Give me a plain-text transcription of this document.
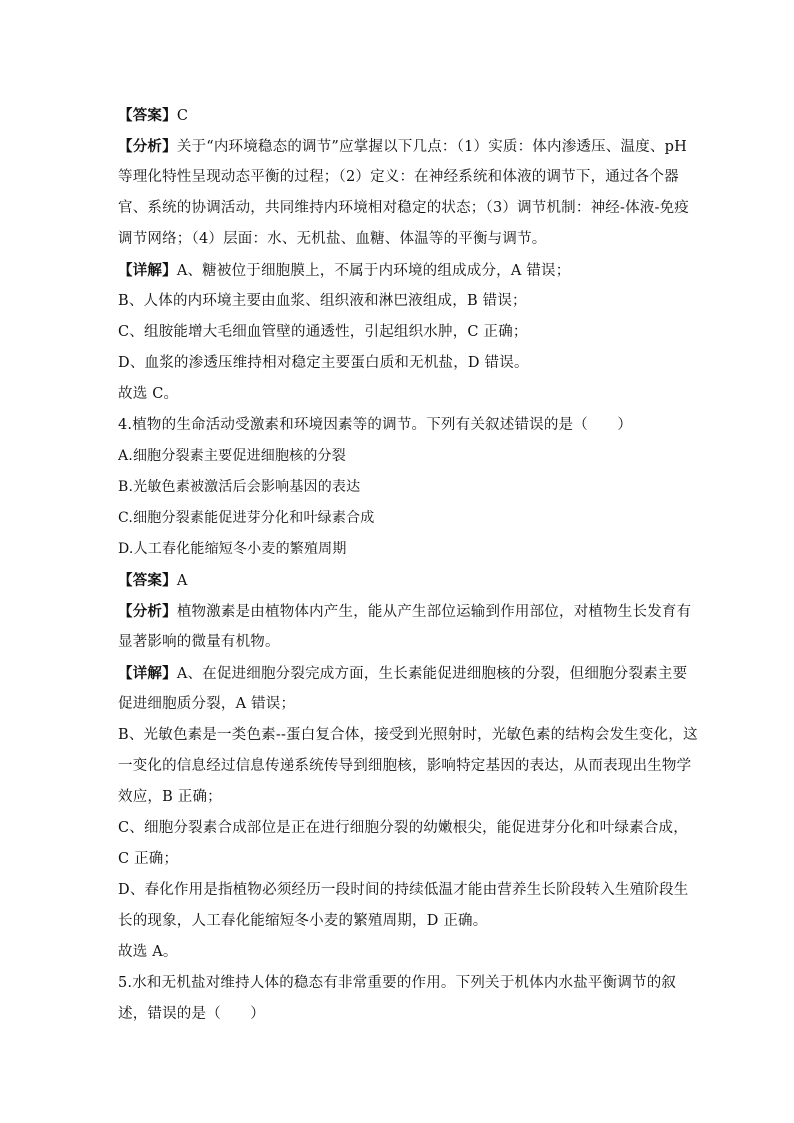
【答案】C
【分析】关于“内环境稳态的调节”应掌握以下几点：（1）实质：体内渗透压、温度、pH
等理化特性呈现动态平衡的过程；（2）定义：在神经系统和体液的调节下，通过各个器
官、系统的协调活动，共同维持内环境相对稳定的状态；（3）调节机制：神经-体液-免疫
调节网络；（4）层面：水、无机盐、血糖、体温等的平衡与调节。
【详解】A、糖被位于细胞膜上，不属于内环境的组成成分，A 错误；
B、人体的内环境主要由血浆、组织液和淋巴液组成，B 错误；
C、组胺能增大毛细血管壁的通透性，引起组织水肿，C 正确；
D、血浆的渗透压维持相对稳定主要蛋白质和无机盐，D 错误。
故选 C。
4.植物的生命活动受激素和环境因素等的调节。下列有关叙述错误的是（　　）
A.细胞分裂素主要促进细胞核的分裂
B.光敏色素被激活后会影响基因的表达
C.细胞分裂素能促进芽分化和叶绿素合成
D.人工春化能缩短冬小麦的繁殖周期
【答案】A
【分析】植物激素是由植物体内产生，能从产生部位运输到作用部位，对植物生长发育有
显著影响的微量有机物。
【详解】A、在促进细胞分裂完成方面，生长素能促进细胞核的分裂，但细胞分裂素主要
促进细胞质分裂，A 错误；
B、光敏色素是一类色素--蛋白复合体，接受到光照射时，光敏色素的结构会发生变化，这
一变化的信息经过信息传递系统传导到细胞核，影响特定基因的表达，从而表现出生物学
效应，B 正确；
C、细胞分裂素合成部位是正在进行细胞分裂的幼嫩根尖，能促进芽分化和叶绿素合成，
C 正确；
D、春化作用是指植物必须经历一段时间的持续低温才能由营养生长阶段转入生殖阶段生
长的现象，人工春化能缩短冬小麦的繁殖周期，D 正确。
故选 A。
5.水和无机盐对维持人体的稳态有非常重要的作用。下列关于机体内水盐平衡调节的叙
述，错误的是（　　）
